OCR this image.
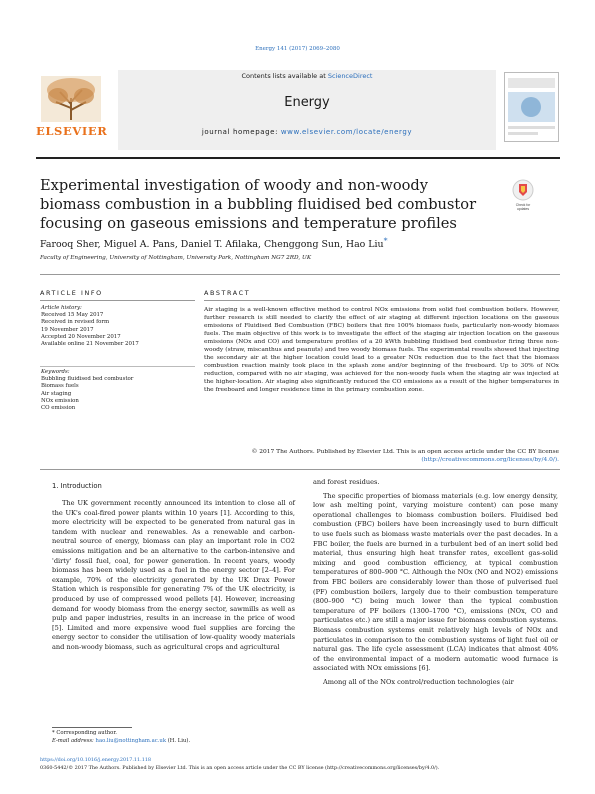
Energy 141 (2017) 2069–2080
ELSEVIER
Contents lists available at ScienceDirect
Energy
journal homepage: www.elsevier.com/locate/energy
Experimental investigation of woody and non-woody biomass combustion in a bubbling fluidised bed combustor focusing on gaseous emissions and temperature profiles
Check for
updates
Farooq Sher, Miguel A. Pans, Daniel T. Afilaka, Chenggong Sun, Hao Liu*
Faculty of Engineering, University of Nottingham, University Park, Nottingham NG7 2RD, UK
ARTICLE INFO	ABSTRACT
Article history:
Received 15 May 2017
Received in revised form
19 November 2017
Accepted 20 November 2017
Available online 21 November 2017
Keywords:
Bubbling fluidised bed combustor
Biomass fuels
Air staging
NOx emission
CO emission
Air staging is a well-known effective method to control NOx emissions from solid fuel combustion boilers. However, further research is still needed to clarify the effect of air staging at different injection locations on the gaseous emissions of Fluidised Bed Combustion (FBC) boilers that fire 100% biomass fuels, particularly non-woody biomass fuels. The main objective of this work is to investigate the effect of the staging air injection location on the gaseous emissions (NOx and CO) and temperature profiles of a 20 kWth bubbling fluidised bed combustor firing three non-woody (straw, miscanthus and peanuts) and two woody biomass fuels. The experimental results showed that injecting the secondary air at the higher location could lead to a greater NOx reduction due to the fact that the biomass combustion reaction mainly took place in the splash zone and/or beginning of the freeboard. Up to 30% of NOx reduction, compared with no air staging, was achieved for the non-woody fuels when the staging air was injected at the higher-location. Air staging also significantly reduced the CO emissions as a result of the higher temperatures in the freeboard and longer residence time in the primary combustion zone.
© 2017 The Authors. Published by Elsevier Ltd. This is an open access article under the CC BY license
(http://creativecommons.org/licenses/by/4.0/).
1. Introduction

The UK government recently announced its intention to close all of the UK's coal-fired power plants within 10 years [1]. According to this, more electricity will be expected to be generated from natural gas in tandem with nuclear and renewables. As a renewable and carbon-neutral source of energy, biomass can play an important role in CO2 emissions mitigation and be an alternative to the carbon-intensive and 'dirty' fossil fuel, coal, for power generation. In recent years, woody biomass has been widely used as a fuel in the energy sector [2–4]. For example, 70% of the electricity generated by the UK Drax Power Station which is responsible for generating 7% of the UK electricity, is produced by use of compressed wood pellets [4]. However, increasing demand for woody biomass from the energy sector, sawmills as well as pulp and paper industries, results in an increase in the price of wood [5]. Limited and more expensive wood fuel supplies are forcing the energy sector to consider the utilisation of low-quality woody materials and non-woody biomass, such as agricultural crops and agricultural

and forest residues.

The specific properties of biomass materials (e.g. low energy density, low ash melting point, varying moisture content) can pose many operational challenges to biomass combustion boilers. Fluidised bed combustion (FBC) boilers have been increasingly used to burn difficult to use fuels such as biomass waste materials over the past decades. In a FBC boiler, the fuels are burned in a turbulent bed of an inert solid bed material, thus ensuring high heat transfer rates, excellent gas-solid mixing and good combustion efficiency, at typical combustion temperatures of 800–900 °C. Although the NOx (NO and NO2) emissions from FBC boilers are considerably lower than those of pulverised fuel (PF) combustion boilers, largely due to their combustion temperature (800–900 °C) being much lower than the typical combustion temperature of PF boilers (1300–1700 °C), emissions (NOx, CO and particulates etc.) are still a major issue for biomass combustion systems. Biomass combustion systems emit relatively high levels of NOx and particulates in comparison to the combustion systems of light fuel oil or natural gas. The life cycle assessment (LCA) indicates that almost 40% of the environmental impact of a modern automatic wood furnace is associated with NOx emissions [6].

Among all of the NOx control/reduction technologies (air

* Corresponding author.
E-mail address: hao.liu@nottingham.ac.uk (H. Liu).
https://doi.org/10.1016/j.energy.2017.11.118
0360-5442/© 2017 The Authors. Published by Elsevier Ltd. This is an open access article under the CC BY license (http://creativecommons.org/licenses/by/4.0/).
